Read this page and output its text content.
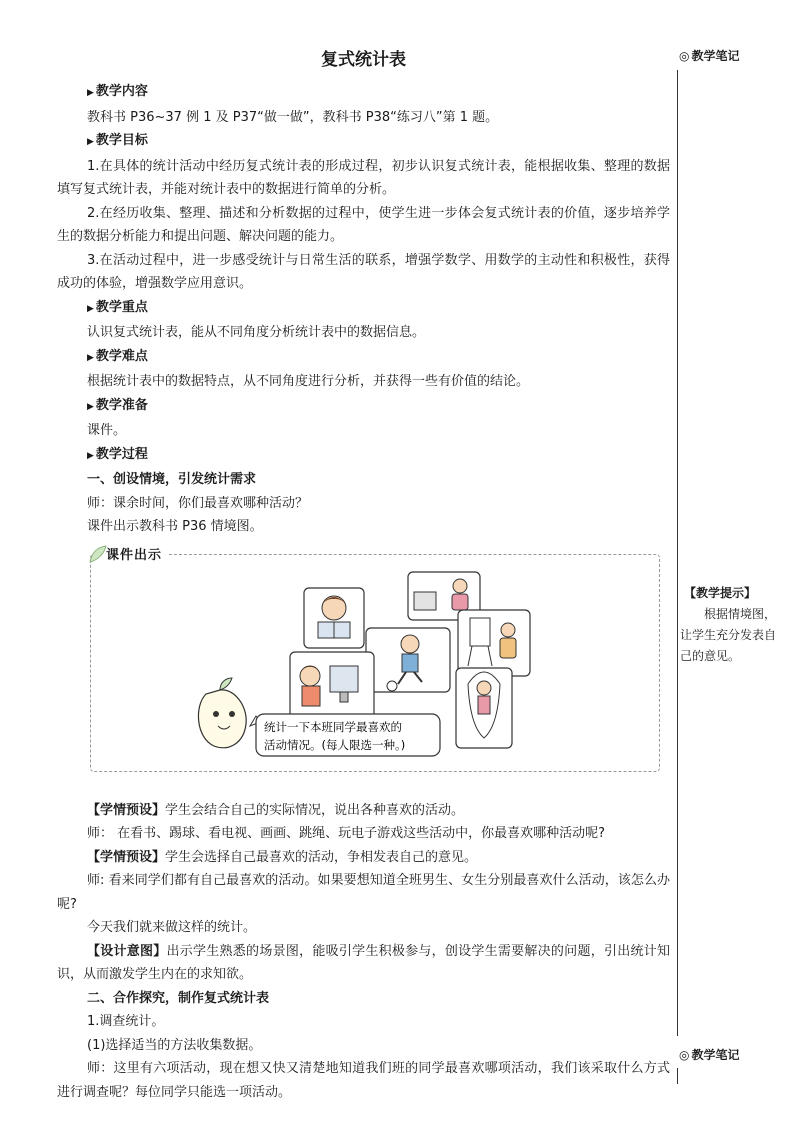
复式统计表

▶ 教学内容

教科书 P36~37 例 1 及 P37“做一做”，教科书 P38“练习八”第 1 题。

▶ 教学目标

1.在具体的统计活动中经历复式统计表的形成过程，初步认识复式统计表，能根据收集、整理的数据填写复式统计表，并能对统计表中的数据进行简单的分析。

2.在经历收集、整理、描述和分析数据的过程中，使学生进一步体会复式统计表的价值，逐步培养学生的数据分析能力和提出问题、解决问题的能力。

3.在活动过程中，进一步感受统计与日常生活的联系，增强学数学、用数学的主动性和积极性，获得成功的体验，增强数学应用意识。

▶ 教学重点

认识复式统计表，能从不同角度分析统计表中的数据信息。

▶ 教学难点

根据统计表中的数据特点，从不同角度进行分析，并获得一些有价值的结论。

▶ 教学准备

课件。

▶ 教学过程

一、创设情境，引发统计需求

师：课余时间，你们最喜欢哪种活动？

课件出示教科书 P36 情境图。

【学情预设】学生会结合自己的实际情况，说出各种喜欢的活动。

师： 在看书、踢球、看电视、画画、跳绳、玩电子游戏这些活动中，你最喜欢哪种活动呢?

【学情预设】学生会选择自己最喜欢的活动，争相发表自己的意见。

师: 看来同学们都有自己最喜欢的活动。如果要想知道全班男生、女生分别最喜欢什么活动，该怎么办呢?

今天我们就来做这样的统计。

【设计意图】出示学生熟悉的场景图，能吸引学生积极参与，创设学生需要解决的问题，引出统计知识，从而激发学生内在的求知欲。

二、合作探究，制作复式统计表

1.调查统计。

(1)选择适当的方法收集数据。

师：这里有六项活动，现在想又快又清楚地知道我们班的同学最喜欢哪项活动，我们该采取什么方式进行调查呢？每位同学只能选一项活动。

课件出示
统计一下本班同学最喜欢的
活动情况。(每人限选一种。)
◎ 教学笔记
【教学提示】
根据情境图，让学生充分发表自己的意见。
◎ 教学笔记
